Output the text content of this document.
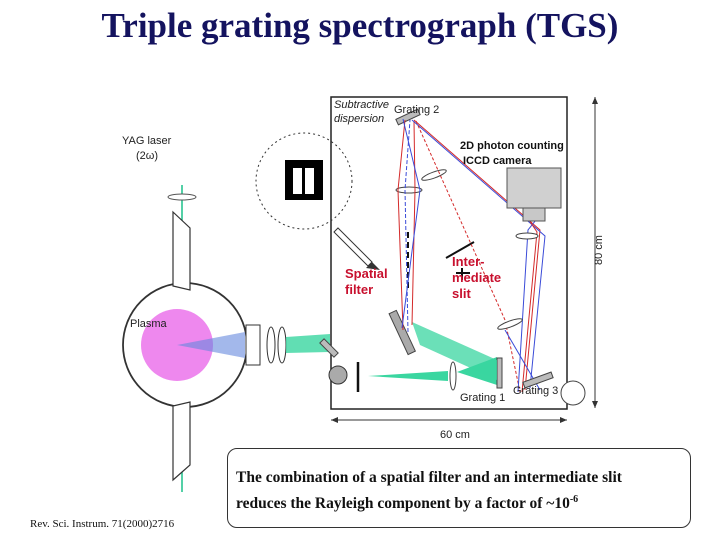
Triple grating spectrograph (TGS)
YAG laser
(2ω)
Plasma
Spatial
filter
Inter-
mediate
slit
Subtractive
dispersion
Grating 2
2D photon counting
ICCD camera
Grating 1
Grating 3
80 cm
60 cm
The combination of a spatial filter and an intermediate slit
reduces the Rayleigh component by a factor of $\sim 10^{-6}$
Rev. Sci. Instrum. 71(2000)2716
